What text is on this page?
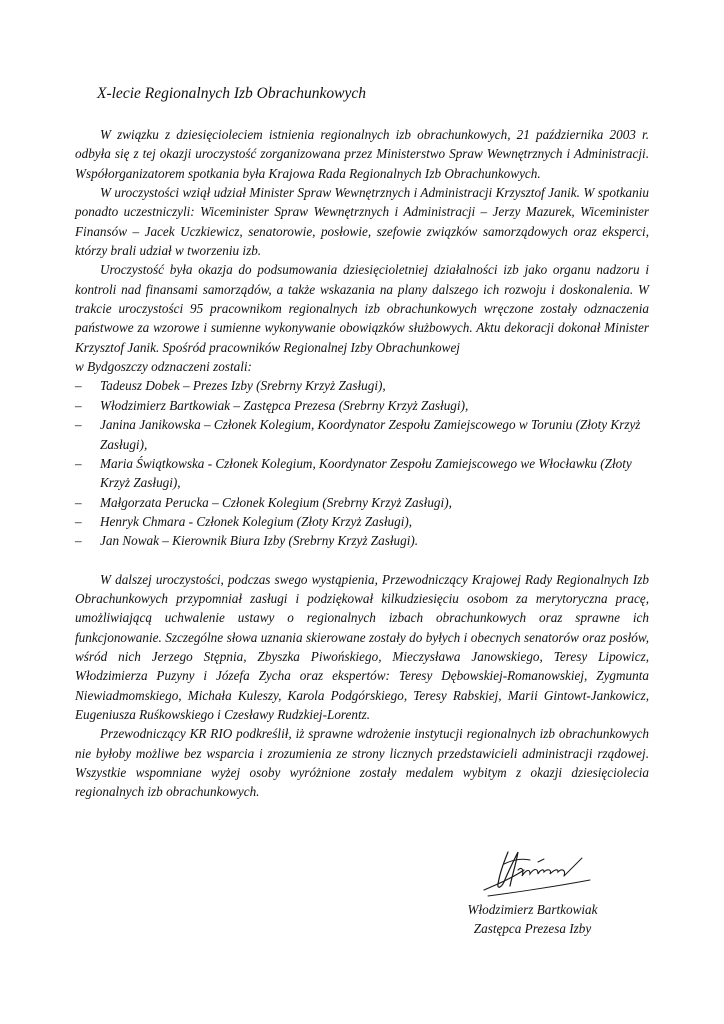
X-lecie Regionalnych Izb Obrachunkowych

W związku z dziesięcioleciem istnienia regionalnych izb obrachunkowych, 21 października 2003 r. odbyła się z tej okazji uroczystość zorganizowana przez Ministerstwo Spraw Wewnętrznych i Administracji. Współorganizatorem spotkania była Krajowa Rada Regionalnych Izb Obrachunkowych.

W uroczystości wziął udział Minister Spraw Wewnętrznych i Administracji Krzysztof Janik. W spotkaniu ponadto uczestniczyli: Wiceminister Spraw Wewnętrznych i Administracji – Jerzy Mazurek, Wiceminister Finansów – Jacek Uczkiewicz, senatorowie, posłowie, szefowie związków samorządowych oraz eksperci, którzy brali udział w tworzeniu izb.

Uroczystość była okazja do podsumowania dziesięcioletniej działalności izb jako organu nadzoru i kontroli nad finansami samorządów, a także wskazania na plany dalszego ich rozwoju i doskonalenia. W trakcie uroczystości 95 pracownikom regionalnych izb obrachunkowych wręczone zostały odznaczenia państwowe za wzorowe i sumienne wykonywanie obowiązków służbowych. Aktu dekoracji dokonał Minister Krzysztof Janik. Spośród pracowników Regionalnej Izby Obrachunkowej

w Bydgoszczy odznaczeni zostali:

– Tadeusz Dobek – Prezes Izby (Srebrny Krzyż Zasługi),
– Włodzimierz Bartkowiak – Zastępca Prezesa (Srebrny Krzyż Zasługi),
– Janina Janikowska – Członek Kolegium, Koordynator Zespołu Zamiejscowego w Toruniu (Złoty Krzyż Zasługi),
– Maria Świątkowska - Członek Kolegium, Koordynator Zespołu Zamiejscowego we Włocławku (Złoty Krzyż Zasługi),
– Małgorzata Perucka – Członek Kolegium (Srebrny Krzyż Zasługi),
– Henryk Chmara - Członek Kolegium (Złoty Krzyż Zasługi),
– Jan Nowak – Kierownik Biura Izby (Srebrny Krzyż Zasługi).

W dalszej uroczystości, podczas swego wystąpienia, Przewodniczący Krajowej Rady Regionalnych Izb Obrachunkowych przypomniał zasługi i podziękował kilkudziesięciu osobom za merytoryczna pracę, umożliwiającą uchwalenie ustawy o regionalnych izbach obrachunkowych oraz sprawne ich funkcjonowanie. Szczególne słowa uznania skierowane zostały do byłych i obecnych senatorów oraz posłów, wśród nich Jerzego Stępnia, Zbyszka Piwońskiego, Mieczysława Janowskiego, Teresy Lipowicz, Włodzimierza Puzyny i Józefa Zycha oraz ekspertów: Teresy Dębowskiej-Romanowskiej, Zygmunta Niewiadmomskiego, Michała Kuleszy, Karola Podgórskiego, Teresy Rabskiej, Marii Gintowt-Jankowicz, Eugeniusza Ruśkowskiego i Czesławy Rudzkiej-Lorentz.

Przewodniczący KR RIO podkreślił, iż sprawne wdrożenie instytucji regionalnych izb obrachunkowych nie byłoby możliwe bez wsparcia i zrozumienia ze strony licznych przedstawicieli administracji rządowej. Wszystkie wspomniane wyżej osoby wyróżnione zostały medalem wybitym z okazji dziesięciolecia regionalnych izb obrachunkowych.

Włodzimierz Bartkowiak

Zastępca Prezesa Izby
